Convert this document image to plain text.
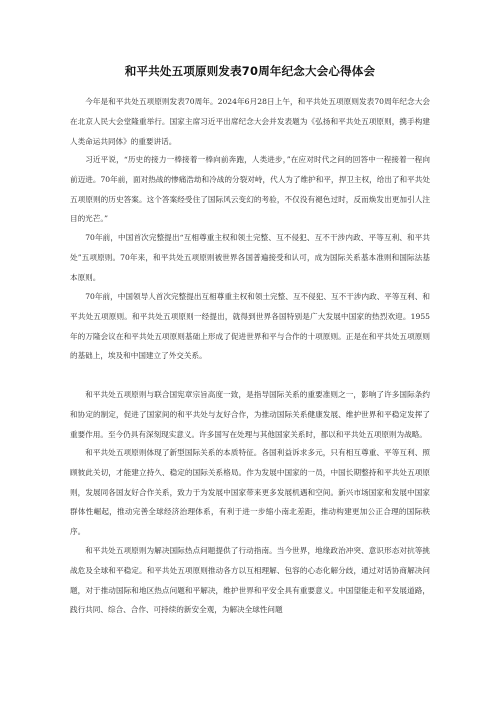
和平共处五项原则发表70周年纪念大会心得体会

今年是和平共处五项原则发表70周年。2024年6月28日上午，和平共处五项原则发表70周年纪念大会在北京人民大会堂隆重举行。国家主席习近平出席纪念大会并发表题为《弘扬和平共处五项原则，携手构建人类命运共同体》的重要讲话。

习近平说，“历史的接力一棒接着一棒向前奔跑，人类进步，”在应对时代之问的回答中一程接着一程向前迈进。70年前，面对热战的惨痛浩劫和冷战的分裂对峙，代人为了维护和平，捍卫主权，给出了和平共处五项原则的历史答案。这个答案经受住了国际风云变幻的考验，不仅没有褪色过时，反而焕发出更加引人注目的光芒。”

70年前，中国首次完整提出“互相尊重主权和领土完整、互不侵犯、互不干涉内政、平等互利、和平共处”五项原则。70年来，和平共处五项原则被世界各国普遍接受和认可，成为国际关系基本准则和国际法基本原则。

70年前，中国领导人首次完整提出互相尊重主权和领土完整、互不侵犯、互不干涉内政、平等互利、和平共处五项原则。和平共处五项原则一经提出，就得到世界各国特别是广大发展中国家的热烈欢迎。1955年的万隆会议在和平共处五项原则基础上形成了促进世界和平与合作的十项原则。正是在和平共处五项原则的基础上，埃及和中国建立了外交关系。

和平共处五项原则与联合国宪章宗旨高度一致，是指导国际关系的重要准则之一，影响了许多国际条约和协定的制定，促进了国家间的和平共处与友好合作，为推动国际关系健康发展、维护世界和平稳定发挥了重要作用。至今仍具有深刻现实意义。许多国写在处理与其他国家关系时，都以和平共处五项原则为战略。

和平共处五项原则体现了新型国际关系的本质特征。各国利益诉求多元，只有相互尊重、平等互利、照顾彼此关切，才能建立持久、稳定的国际关系格局。作为发展中国家的一员，中国长期整持和平共处五项原则，发展同各国友好合作关系，致力于为发展中国家带来更多发展机遇和空间。新兴市场国家和发展中国家群体性崛起，推动完善全球经济治理体系，有利于进一步缩小南北差距，推动构建更加公正合理的国际秩序。

和平共处五项原则为解决国际热点问题提供了行动指南。当今世界，地缘政治冲突、意识形态对抗等挑战危及全球和平稳定。和平共处五项原则推动各方以互相理解、包容的心态化解分歧，通过对话协商解决问题，对于推动国际和地区热点问题和平解决，维护世界和平安全具有重要意义。中国望能走和平发展道路，践行共同、综合、合作、可持续的新安全观，为解决全球性问题
